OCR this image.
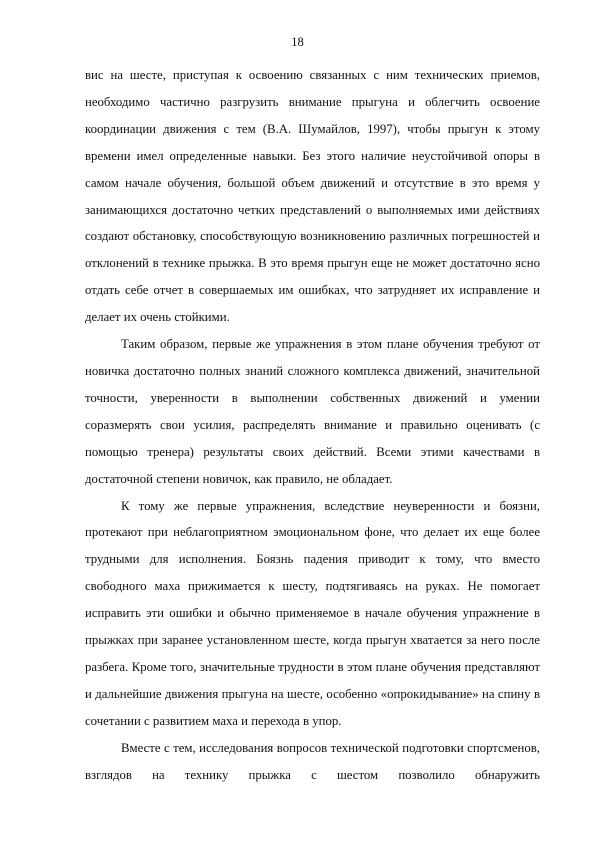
18

вис на шесте, приступая к освоению связанных с ним технических приемов, необходимо частично разгрузить внимание прыгуна и облегчить освоение координации движения с тем (В.А. Шумайлов, 1997), чтобы прыгун к этому времени имел определенные навыки. Без этого наличие неустойчивой опоры в самом начале обучения, большой объем движений и отсутствие в это время у занимающихся достаточно четких представлений о выполняемых ими действиях создают обстановку, способствующую возникновению различных погрешностей и отклонений в технике прыжка. В это время прыгун еще не может достаточно ясно отдать себе отчет в совершаемых им ошибках, что затрудняет их исправление и делает их очень стойкими.

Таким образом, первые же упражнения в этом плане обучения требуют от новичка достаточно полных знаний сложного комплекса движений, значительной точности, уверенности в выполнении собственных движений и умении соразмерять свои усилия, распределять внимание и правильно оценивать (с помощью тренера) результаты своих действий. Всеми этими качествами в достаточной степени новичок, как правило, не обладает.

К тому же первые упражнения, вследствие неуверенности и боязни, протекают при неблагоприятном эмоциональном фоне, что делает их еще более трудными для исполнения. Боязнь падения приводит к тому, что вместо свободного маха прижимается к шесту, подтягиваясь на руках. Не помогает исправить эти ошибки и обычно применяемое в начале обучения упражнение в прыжках при заранее установленном шесте, когда прыгун хватается за него после разбега. Кроме того, значительные трудности в этом плане обучения представляют и дальнейшие движения прыгуна на шесте, особенно «опрокидывание» на спину в сочетании с развитием маха и перехода в упор.

Вместе с тем, исследования вопросов технической подготовки спортсменов, взглядов на технику прыжка с шестом позволило обнаружить
